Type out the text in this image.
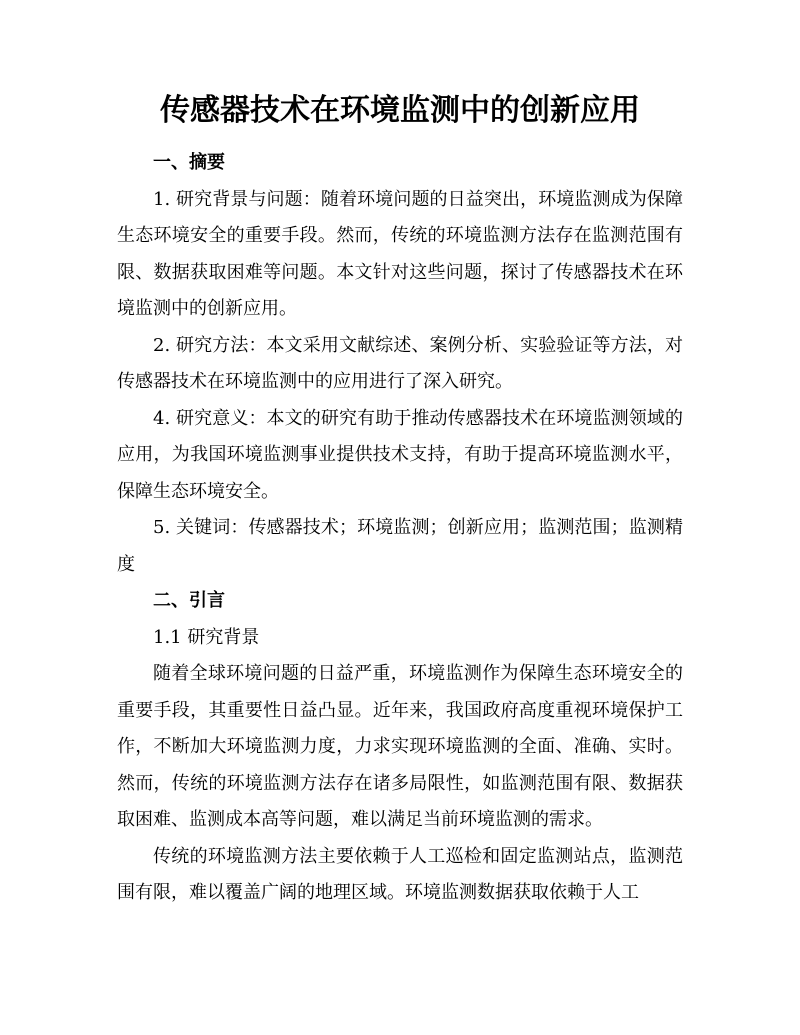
传感器技术在环境监测中的创新应用

一、摘要

1. 研究背景与问题：随着环境问题的日益突出，环境监测成为保障生态环境安全的重要手段。然而，传统的环境监测方法存在监测范围有限、数据获取困难等问题。本文针对这些问题，探讨了传感器技术在环境监测中的创新应用。

2. 研究方法：本文采用文献综述、案例分析、实验验证等方法，对传感器技术在环境监测中的应用进行了深入研究。

4. 研究意义：本文的研究有助于推动传感器技术在环境监测领域的应用，为我国环境监测事业提供技术支持，有助于提高环境监测水平，保障生态环境安全。

5. 关键词：传感器技术；环境监测；创新应用；监测范围；监测精度

二、引言

1.1 研究背景

随着全球环境问题的日益严重，环境监测作为保障生态环境安全的重要手段，其重要性日益凸显。近年来，我国政府高度重视环境保护工作，不断加大环境监测力度，力求实现环境监测的全面、准确、实时。然而，传统的环境监测方法存在诸多局限性，如监测范围有限、数据获取困难、监测成本高等问题，难以满足当前环境监测的需求。

传统的环境监测方法主要依赖于人工巡检和固定监测站点，监测范围有限，难以覆盖广阔的地理区域。环境监测数据获取依赖于人工
